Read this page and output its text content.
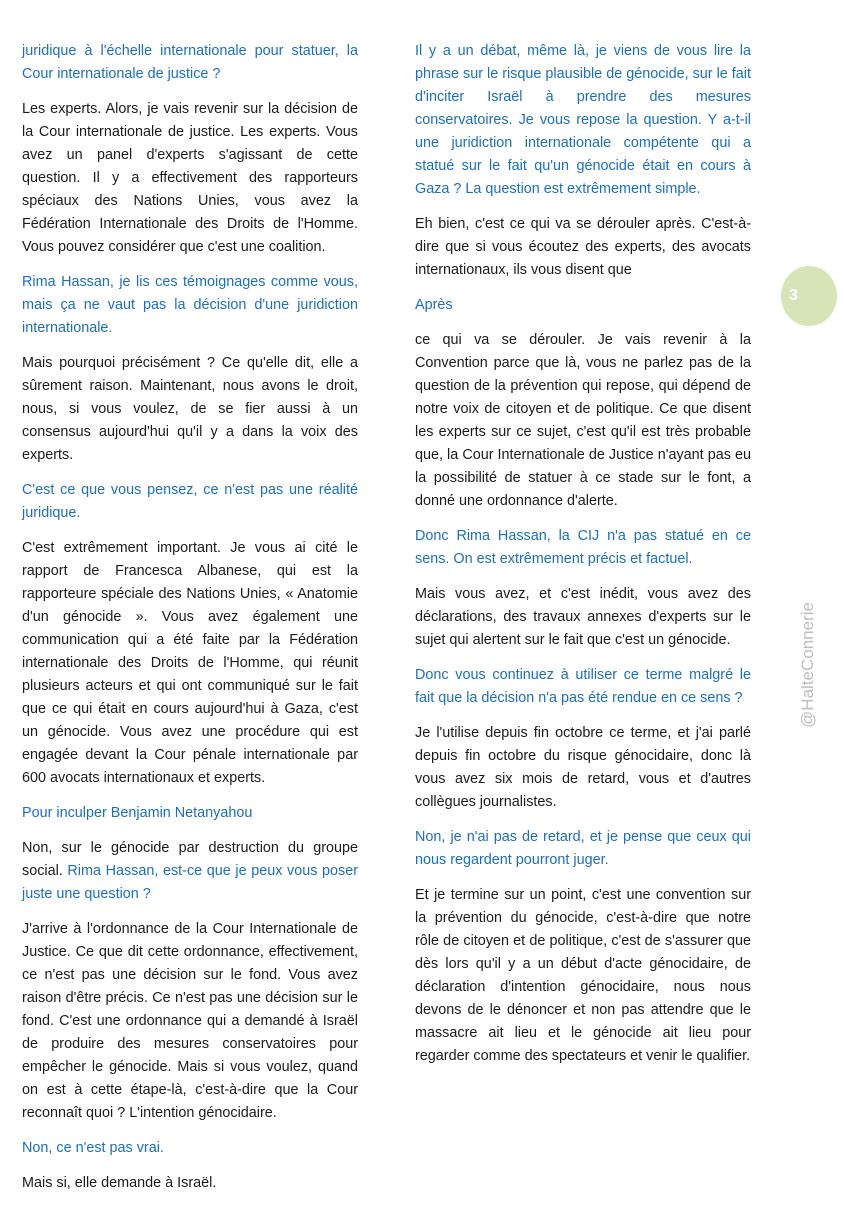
juridique à l'échelle internationale pour statuer, la Cour internationale de justice ?

Les experts. Alors, je vais revenir sur la décision de la Cour internationale de justice. Les experts. Vous avez un panel d'experts s'agissant de cette question. Il y a effectivement des rapporteurs spéciaux des Nations Unies, vous avez la Fédération Internationale des Droits de l'Homme. Vous pouvez considérer que c'est une coalition.

Rima Hassan, je lis ces témoignages comme vous, mais ça ne vaut pas la décision d'une juridiction internationale.

Mais pourquoi précisément ? Ce qu'elle dit, elle a sûrement raison. Maintenant, nous avons le droit, nous, si vous voulez, de se fier aussi à un consensus aujourd'hui qu'il y a dans la voix des experts.

C'est ce que vous pensez, ce n'est pas une réalité juridique.

C'est extrêmement important. Je vous ai cité le rapport de Francesca Albanese, qui est la rapporteure spéciale des Nations Unies, « Anatomie d'un génocide ». Vous avez également une communication qui a été faite par la Fédération internationale des Droits de l'Homme, qui réunit plusieurs acteurs et qui ont communiqué sur le fait que ce qui était en cours aujourd'hui à Gaza, c'est un génocide. Vous avez une procédure qui est engagée devant la Cour pénale internationale par 600 avocats internationaux et experts.

Pour inculper Benjamin Netanyahou

Non, sur le génocide par destruction du groupe social. Rima Hassan, est-ce que je peux vous poser juste une question ?

J'arrive à l'ordonnance de la Cour Internationale de Justice. Ce que dit cette ordonnance, effectivement, ce n'est pas une décision sur le fond. Vous avez raison d'être précis. Ce n'est pas une décision sur le fond. C'est une ordonnance qui a demandé à Israël de produire des mesures conservatoires pour empêcher le génocide. Mais si vous voulez, quand on est à cette étape-là, c'est-à-dire que la Cour reconnaît quoi ? L'intention génocidaire.

Non, ce n'est pas vrai.

Mais si, elle demande à Israël.

Il y a un débat, même là, je viens de vous lire la phrase sur le risque plausible de génocide, sur le fait d'inciter Israël à prendre des mesures conservatoires. Je vous repose la question. Y a-t-il une juridiction internationale compétente qui a statué sur le fait qu'un génocide était en cours à Gaza ? La question est extrêmement simple.

Eh bien, c'est ce qui va se dérouler après. C'est-à-dire que si vous écoutez des experts, des avocats internationaux, ils vous disent que

Après

ce qui va se dérouler. Je vais revenir à la Convention parce que là, vous ne parlez pas de la question de la prévention qui repose, qui dépend de notre voix de citoyen et de politique. Ce que disent les experts sur ce sujet, c'est qu'il est très probable que, la Cour Internationale de Justice n'ayant pas eu la possibilité de statuer à ce stade sur le font, a donné une ordonnance d'alerte.

Donc Rima Hassan, la CIJ n'a pas statué en ce sens. On est extrêmement précis et factuel.

Mais vous avez, et c'est inédit, vous avez des déclarations, des travaux annexes d'experts sur le sujet qui alertent sur le fait que c'est un génocide.

Donc vous continuez à utiliser ce terme malgré le fait que la décision n'a pas été rendue en ce sens ?

Je l'utilise depuis fin octobre ce terme, et j'ai parlé depuis fin octobre du risque génocidaire, donc là vous avez six mois de retard, vous et d'autres collègues journalistes.

Non, je n'ai pas de retard, et je pense que ceux qui nous regardent pourront juger.

Et je termine sur un point, c'est une convention sur la prévention du génocide, c'est-à-dire que notre rôle de citoyen et de politique, c'est de s'assurer que dès lors qu'il y a un début d'acte génocidaire, de déclaration d'intention génocidaire, nous nous devons de le dénoncer et non pas attendre que le massacre ait lieu et le génocide ait lieu pour regarder comme des spectateurs et venir le qualifier.

3
@HalteConnerie
